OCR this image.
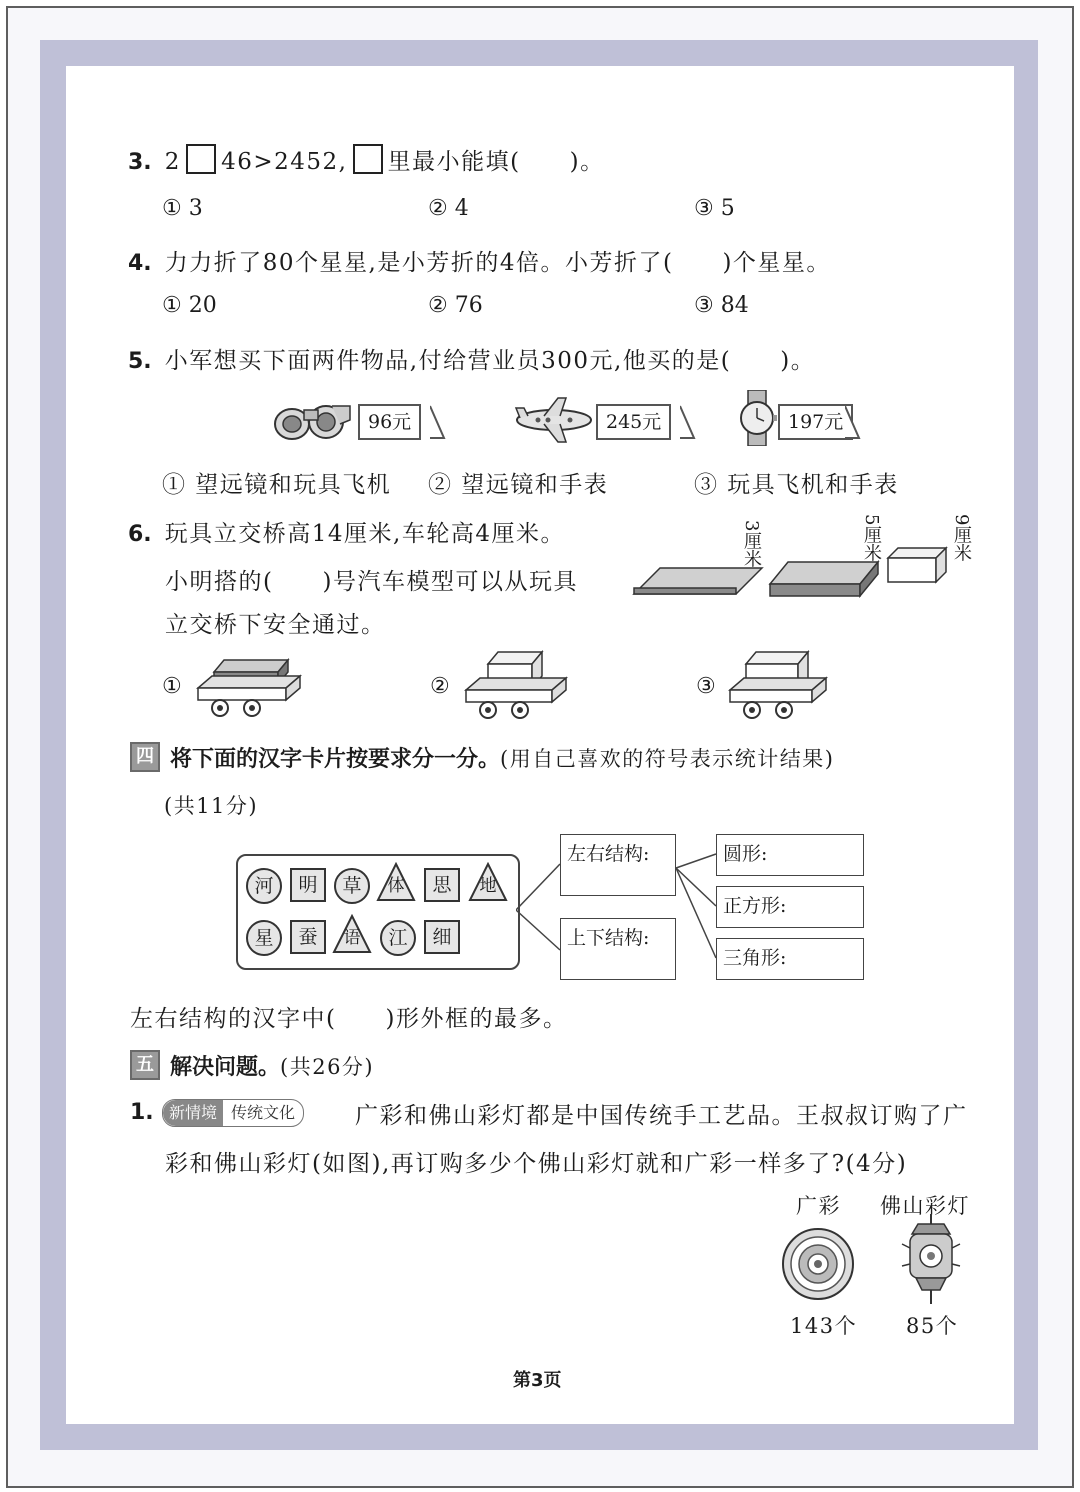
3. 2 46>2452, 里最小能填(　　)。
① 3	② 4	③ 5
4. 力力折了80个星星,是小芳折的4倍。小芳折了(　　)个星星。
① 20	② 76	③ 84
5. 小军想买下面两件物品,付给营业员300元,他买的是(　　)。
96元	245元	197元
① 望远镜和玩具飞机 ② 望远镜和手表	③ 玩具飞机和手表
6. 玩具立交桥高14厘米,车轮高4厘米。
小明搭的(　　)号汽车模型可以从玩具
立交桥下安全通过。
3厘米	5厘米	9厘米
①	②	③
四 将下面的汉字卡片按要求分一分。(用自己喜欢的符号表示统计结果)
(共11分)
河	明	草	体	思	地
星	蚕	语	江	细
左右结构:
上下结构:
圆形:
正方形:
三角形:
左右结构的汉字中(　　)形外框的最多。
五 解决问题。(共26分)
1. 新情境 传统文化	广彩和佛山彩灯都是中国传统手工艺品。王叔叔订购了广
彩和佛山彩灯(如图),再订购多少个佛山彩灯就和广彩一样多了?(4分)
广彩 佛山彩灯
143个 85个
第3页
